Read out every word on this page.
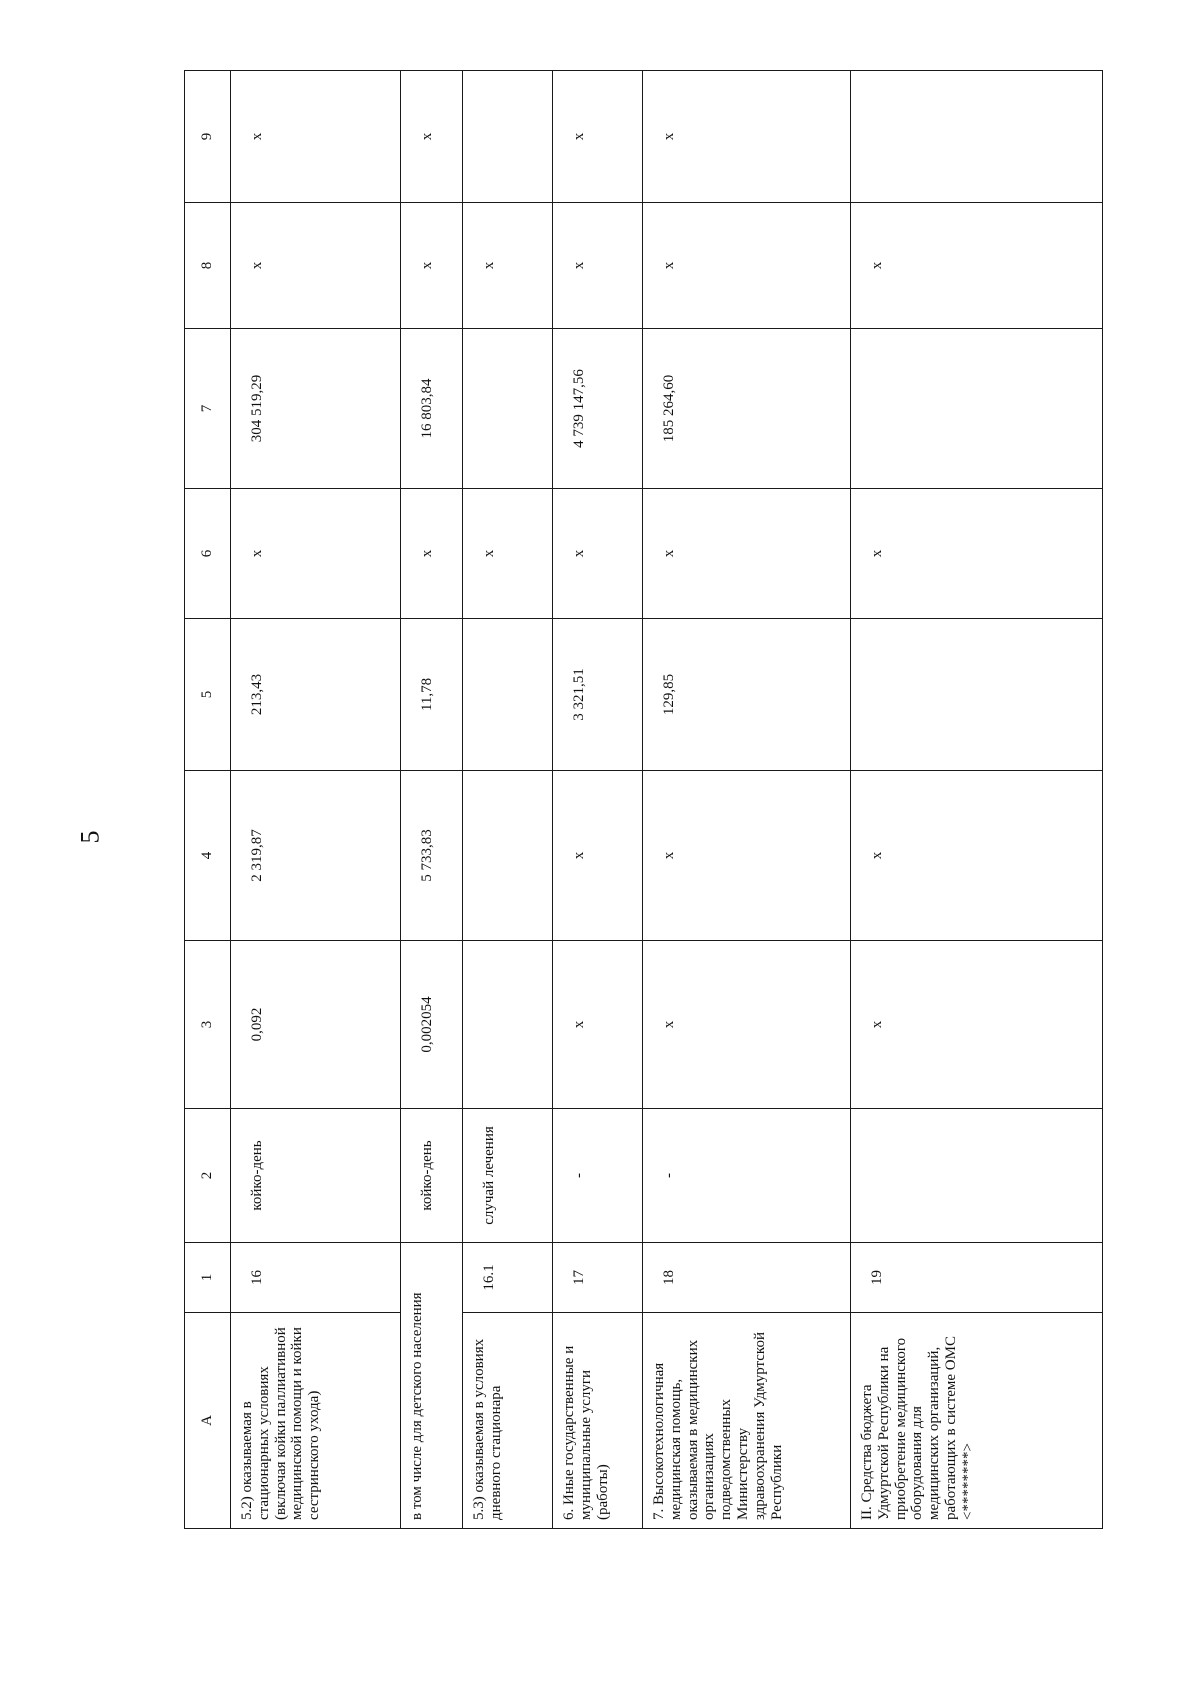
5
А	1	2	3	4	5	6	7	8	9
5.2) оказываемая в стационарных условиях (включая койки паллиативной медицинской помощи и койки сестринского ухода)	16	койко-день	0,092	2 319,87	213,43	x	304 519,29	x	x
в том числе для детского населения		койко-день	0,002054	5 733,83	11,78	x	16 803,84	x	x
5.3) оказываемая в условиях дневного стационара	16.1	случай лечения				x		x	
6. Иные государственные и муниципальные услуги (работы)	17	-	x	x	3 321,51	x	4 739 147,56	x	x
7. Высокотехнологичная медицинская помощь, оказываемая в медицинских организациях подведомственных Министерству здравоохранения Удмуртской Республики	18	-	x	x	129,85	x	185 264,60	x	x
II. Средства бюджета Удмуртской Республики на приобретение медицинского оборудования для медицинских организаций, работающих в системе ОМС <********>	19		x	x		x		x	
